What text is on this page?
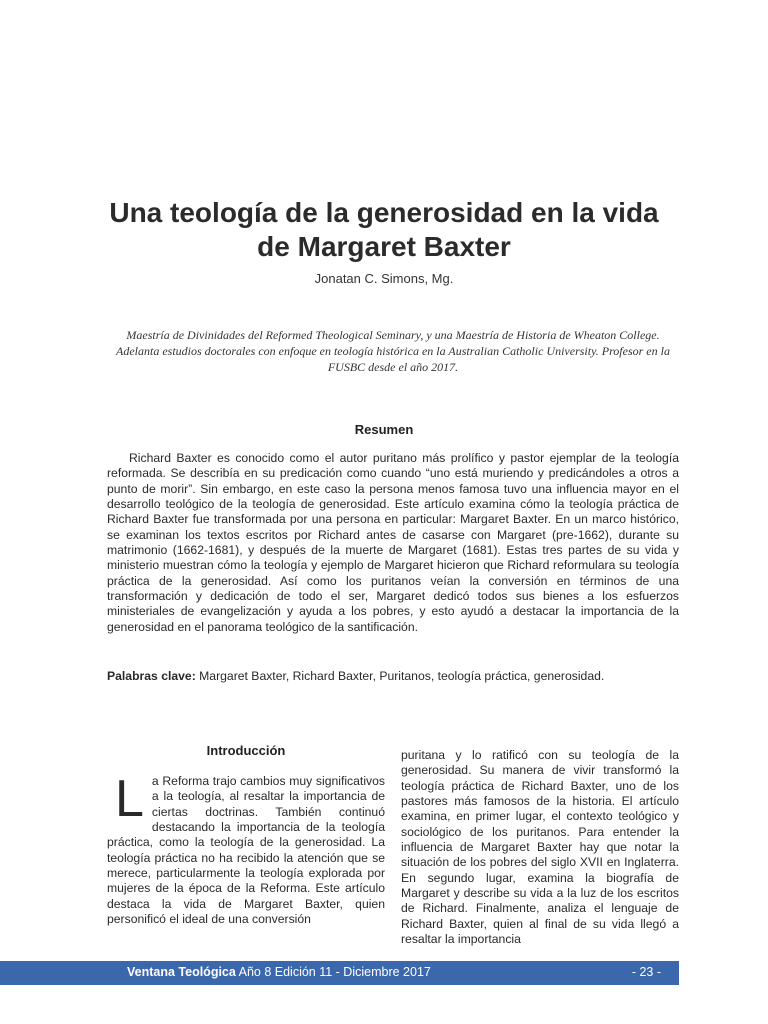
Una teología de la generosidad en la vida de Margaret Baxter
Jonatan C. Simons, Mg.
Maestría de Divinidades del Reformed Theological Seminary, y una Maestría de Historia de Wheaton College. Adelanta estudios doctorales con enfoque en teología histórica en la Australian Catholic University. Profesor en la FUSBC desde el año 2017.
Resumen

Richard Baxter es conocido como el autor puritano más prolífico y pastor ejemplar de la teología reformada. Se describía en su predicación como cuando “uno está muriendo y predicándoles a otros a punto de morir”. Sin embargo, en este caso la persona menos famosa tuvo una influencia mayor en el desarrollo teológico de la teología de generosidad. Este artículo examina cómo la teología práctica de Richard Baxter fue transformada por una persona en particular: Margaret Baxter. En un marco histórico, se examinan los textos escritos por Richard antes de casarse con Margaret (pre-1662), durante su matrimonio (1662-1681), y después de la muerte de Margaret (1681). Estas tres partes de su vida y ministerio muestran cómo la teología y ejemplo de Margaret hicieron que Richard reformulara su teología práctica de la generosidad. Así como los puritanos veían la conversión en términos de una transformación y dedicación de todo el ser, Margaret dedicó todos sus bienes a los esfuerzos ministeriales de evangelización y ayuda a los pobres, y esto ayudó a destacar la importancia de la generosidad en el panorama teológico de la santificación.

Palabras clave: Margaret Baxter, Richard Baxter, Puritanos, teología práctica, generosidad.
Introducción

La Reforma trajo cambios muy significativos a la teología, al resaltar la importancia de ciertas doctrinas. También continuó destacando la importancia de la teología práctica, como la teología de la generosidad. La teología práctica no ha recibido la atención que se merece, particularmente la teología explorada por mujeres de la época de la Reforma. Este artículo destaca la vida de Margaret Baxter, quien personificó el ideal de una conversión

puritana y lo ratificó con su teología de la generosidad. Su manera de vivir transformó la teología práctica de Richard Baxter, uno de los pastores más famosos de la historia. El artículo examina, en primer lugar, el contexto teológico y sociológico de los puritanos. Para entender la influencia de Margaret Baxter hay que notar la situación de los pobres del siglo XVII en Inglaterra. En segundo lugar, examina la biografía de Margaret y describe su vida a la luz de los escritos de Richard. Finalmente, analiza el lenguaje de Richard Baxter, quien al final de su vida llegó a resaltar la importancia

Ventana Teológica Año 8 Edición 11 - Diciembre 2017	- 23 -
